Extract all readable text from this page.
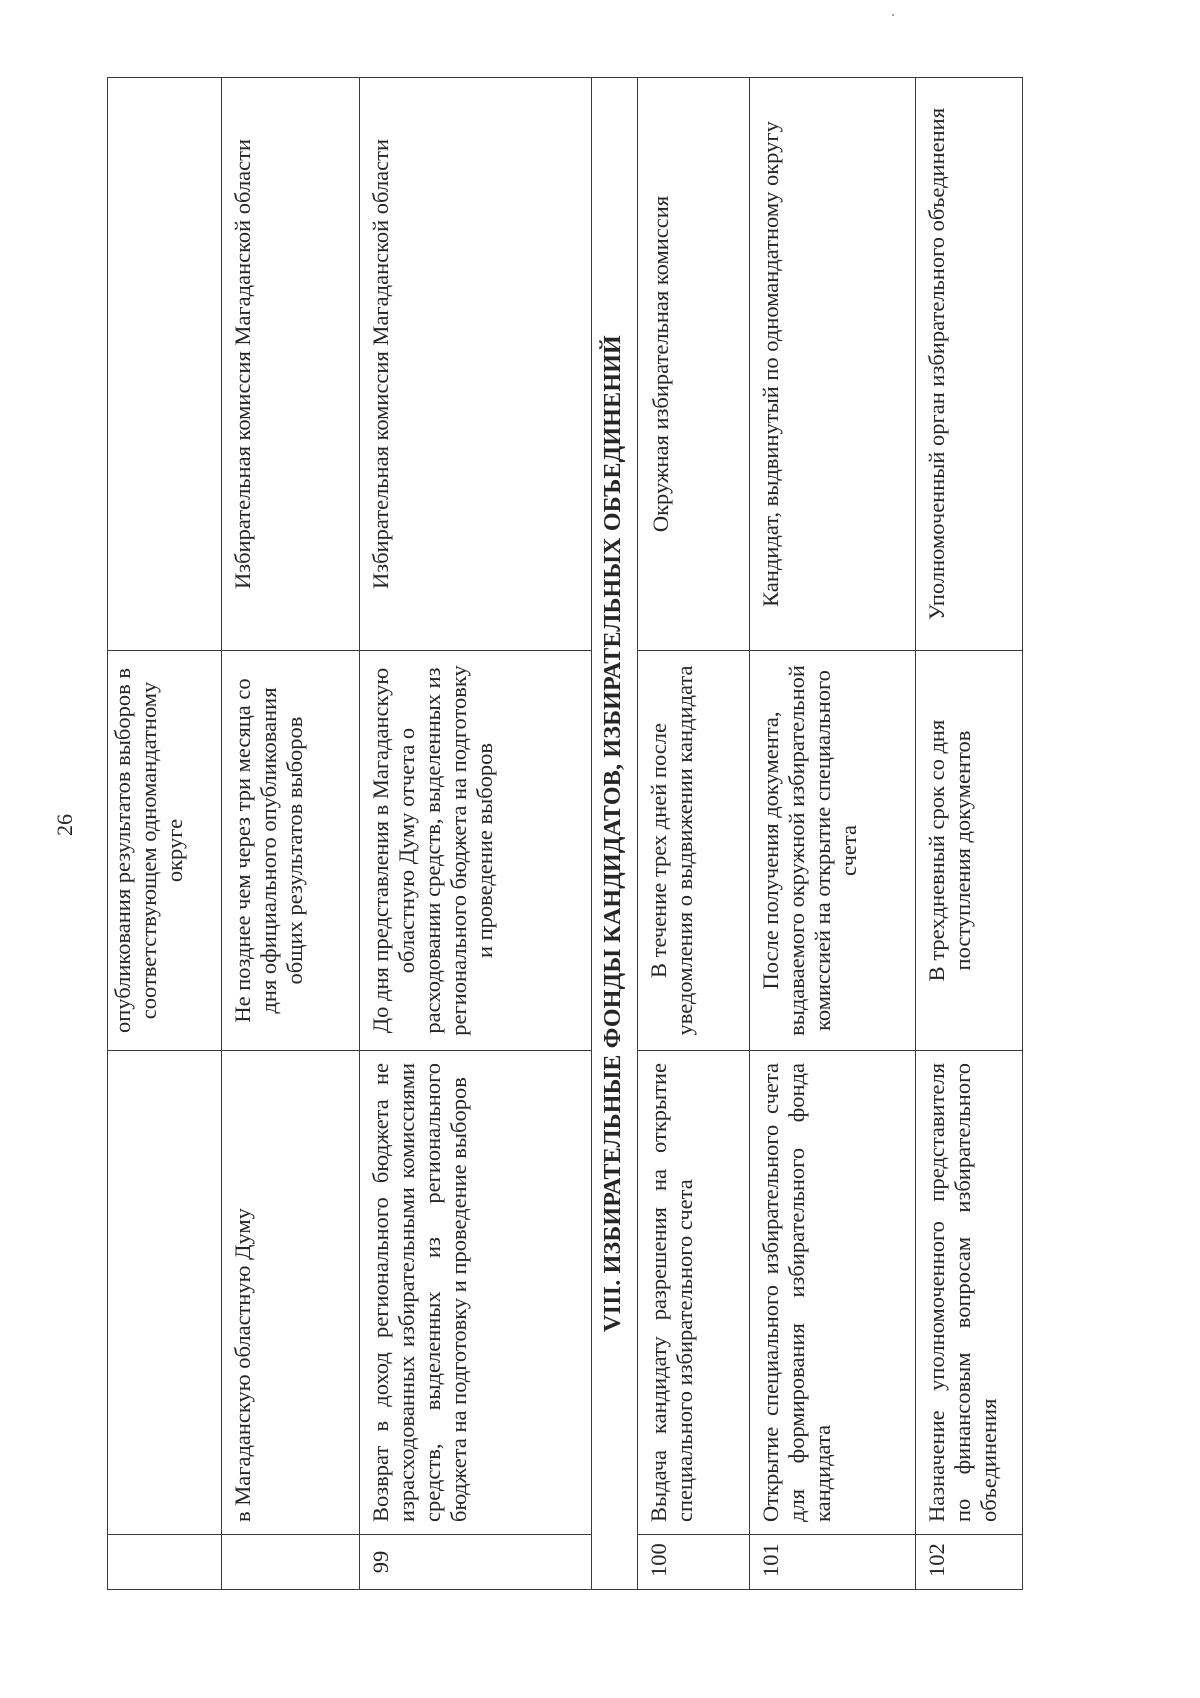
26
		опубликования результатов выборов в соответствующем одномандатному округе	
	в Магаданскую областную Думу	Не позднее чем через три месяца со дня официального опубликования общих результатов выборов	Избирательная комиссия Магаданской области
99	Возврат в доход регионального бюджета не израсходованных избирательными комиссиями средств, выделенных из регионального бюджета на подготовку и проведение выборов	До дня представления в Магаданскую областную Думу отчета о расходовании средств, выделенных из регионального бюджета на подготовку и проведение выборов	Избирательная комиссия Магаданской области
VIII. ИЗБИРАТЕЛЬНЫЕ ФОНДЫ КАНДИДАТОВ, ИЗБИРАТЕЛЬНЫХ ОБЪЕДИНЕНИЙ			
100	Выдача кандидату разрешения на открытие специального избирательного счета	В течение трех дней после уведомления о выдвижении кандидата	Окружная избирательная комиссия
101	Открытие специального избирательного счета для формирования избирательного фонда кандидата	После получения документа, выдаваемого окружной избирательной комиссией на открытие специального счета	Кандидат, выдвинутый по одномандатному округу
102	Назначение уполномоченного представителя по финансовым вопросам избирательного объединения	В трехдневный срок со дня поступления документов	Уполномоченный орган избирательного объединения
